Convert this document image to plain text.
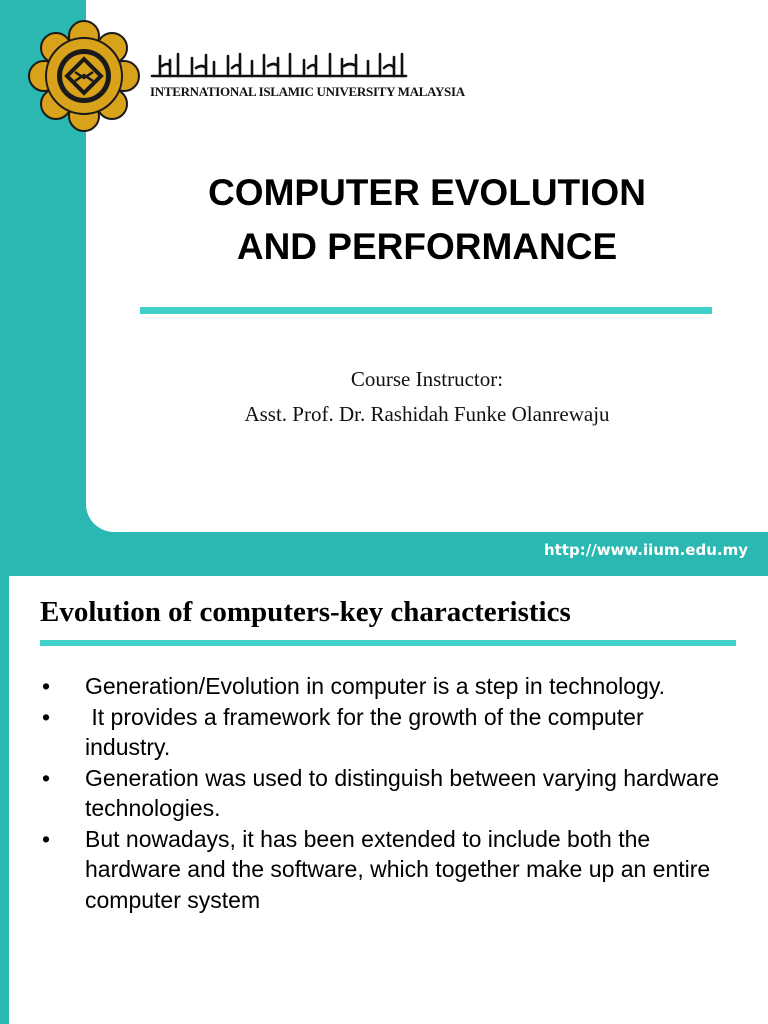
INTERNATIONAL ISLAMIC UNIVERSITY MALAYSIA
COMPUTER EVOLUTION
AND PERFORMANCE
Course Instructor:
Asst. Prof. Dr. Rashidah Funke Olanrewaju
http://www.iium.edu.my
Evolution of computers-key characteristics
• Generation/Evolution in computer is a step in technology.
• It provides a framework for the growth of the computer industry.
• Generation was used to distinguish between varying hardware technologies.
• But nowadays, it has been extended to include both the hardware and the software, which together make up an entire computer system
